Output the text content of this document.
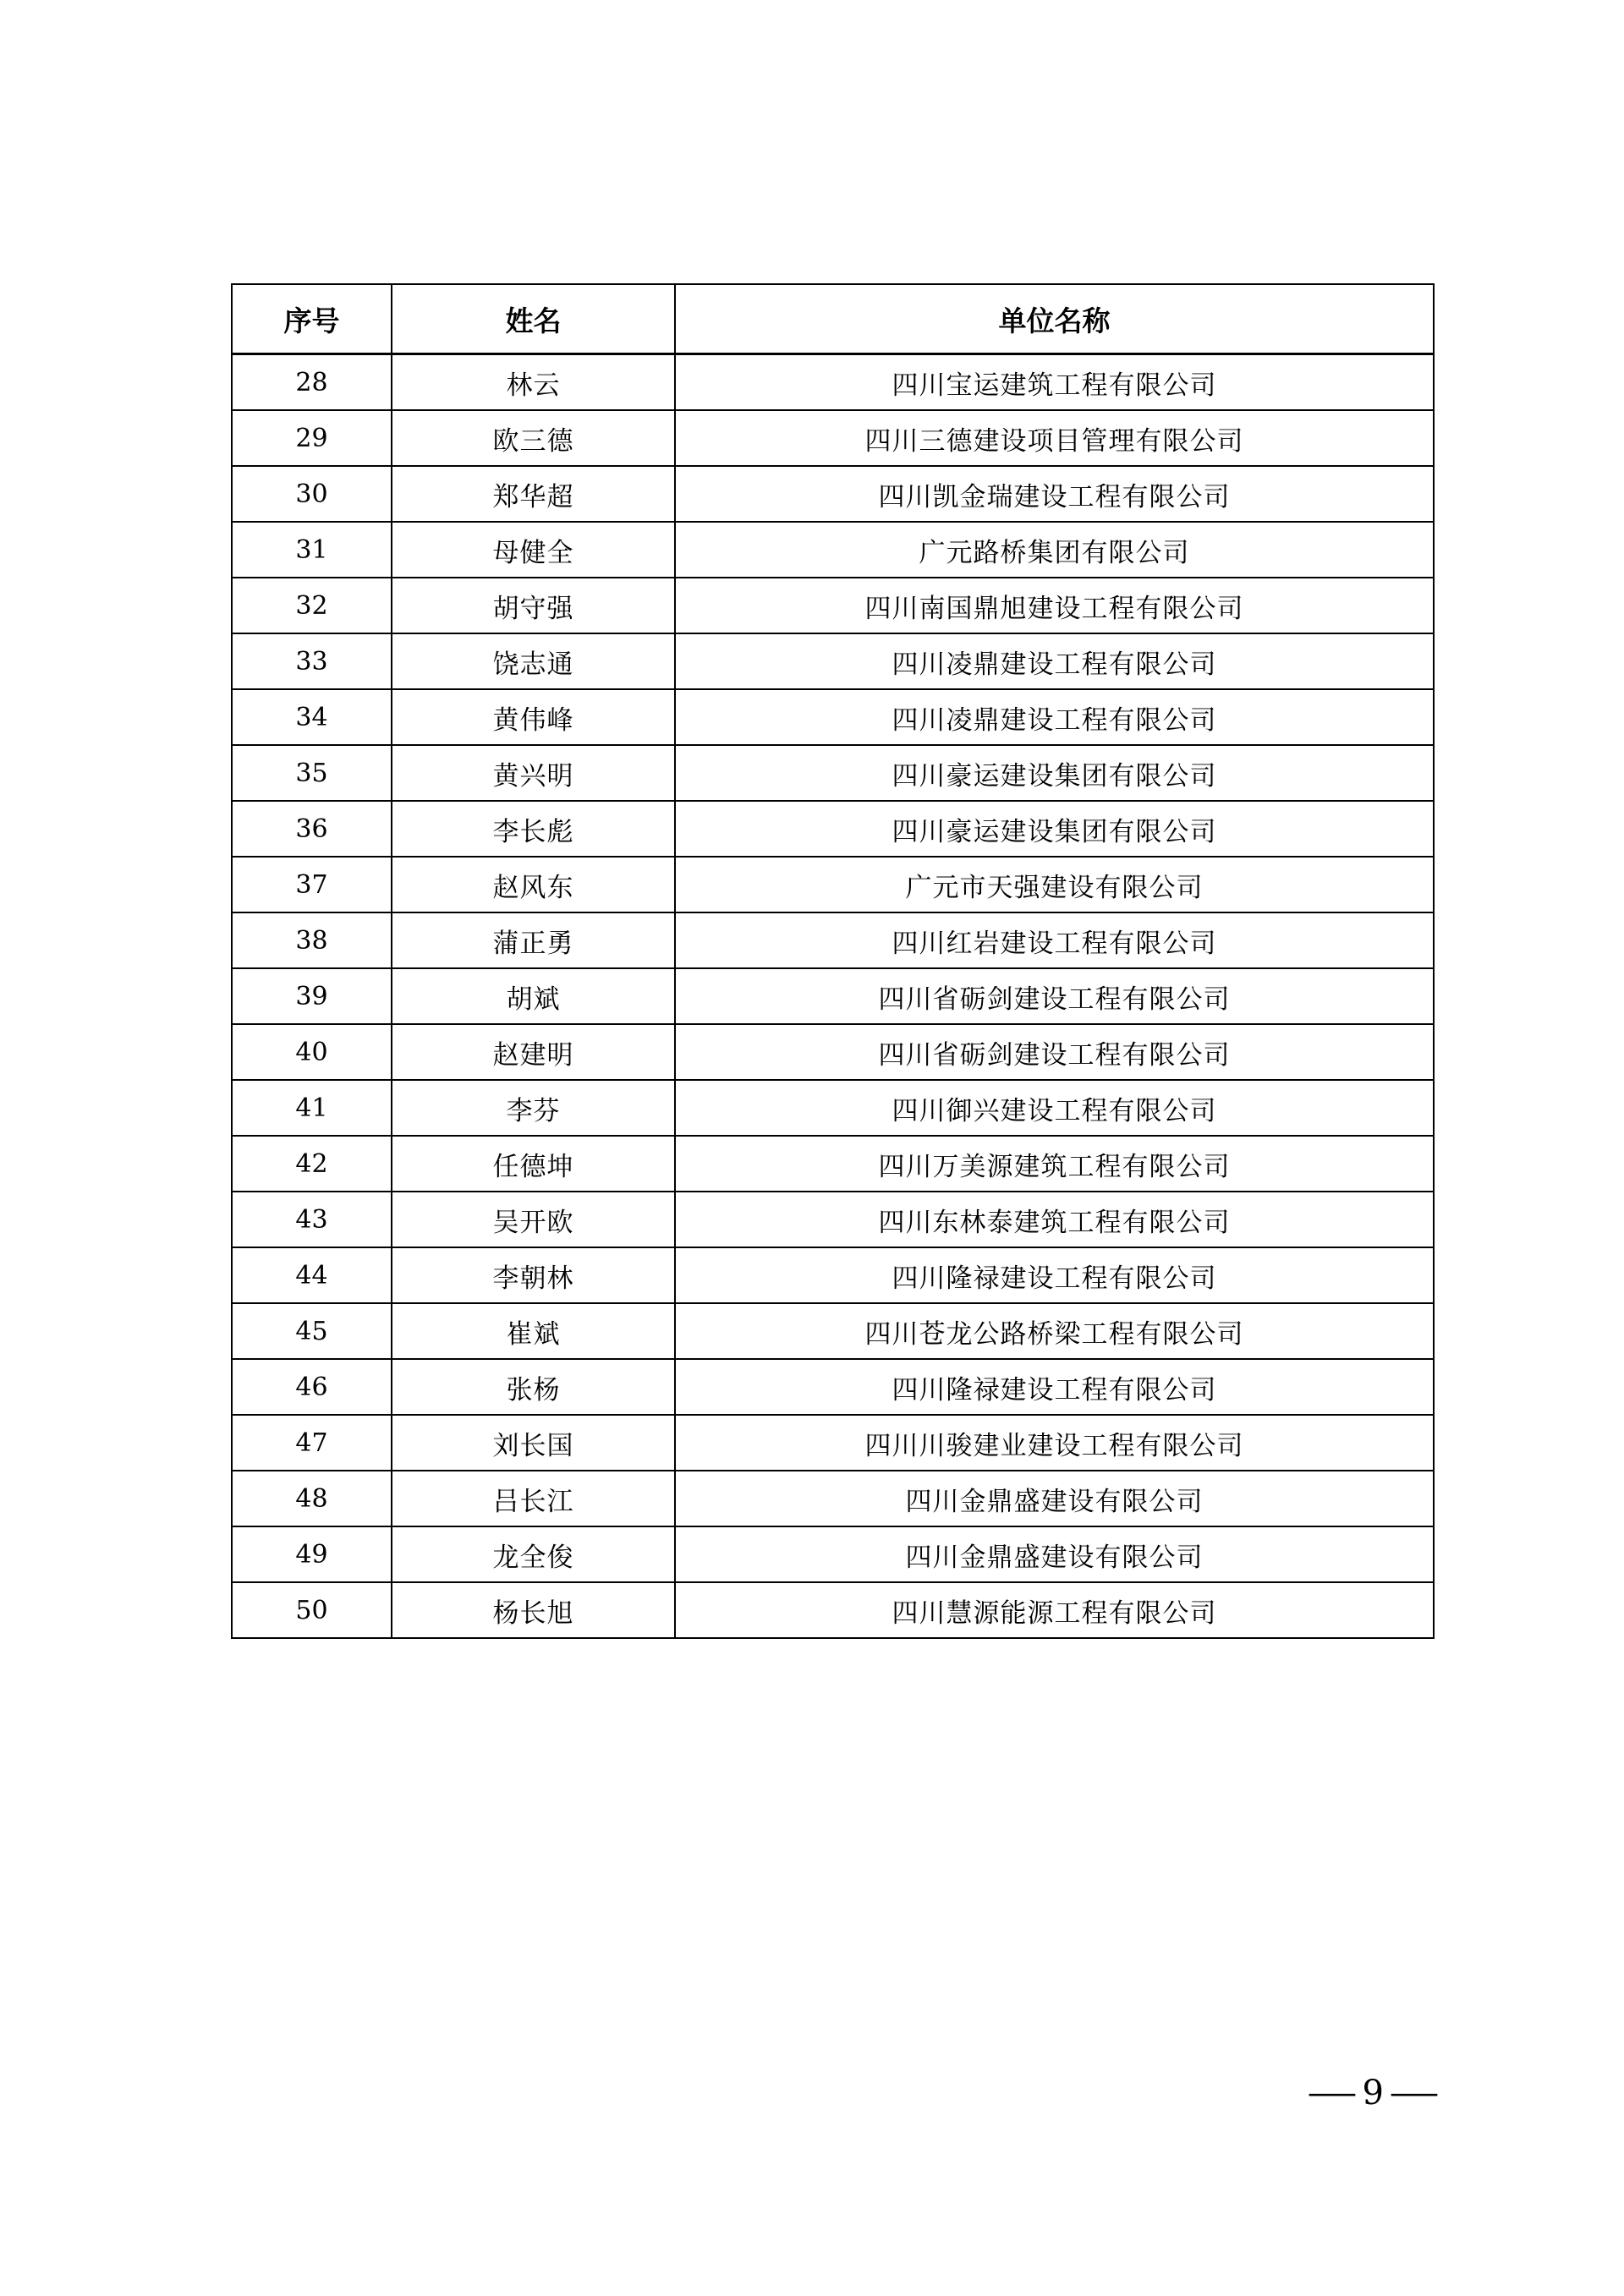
序号	姓名	单位名称
28	林云	四川宝运建筑工程有限公司
29	欧三德	四川三德建设项目管理有限公司
30	郑华超	四川凯金瑞建设工程有限公司
31	母健全	广元路桥集团有限公司
32	胡守强	四川南国鼎旭建设工程有限公司
33	饶志通	四川凌鼎建设工程有限公司
34	黄伟峰	四川凌鼎建设工程有限公司
35	黄兴明	四川豪运建设集团有限公司
36	李长彪	四川豪运建设集团有限公司
37	赵风东	广元市天强建设有限公司
38	蒲正勇	四川红岩建设工程有限公司
39	胡斌	四川省砺剑建设工程有限公司
40	赵建明	四川省砺剑建设工程有限公司
41	李芬	四川御兴建设工程有限公司
42	任德坤	四川万美源建筑工程有限公司
43	吴开欧	四川东林泰建筑工程有限公司
44	李朝林	四川隆禄建设工程有限公司
45	崔斌	四川苍龙公路桥梁工程有限公司
46	张杨	四川隆禄建设工程有限公司
47	刘长国	四川川骏建业建设工程有限公司
48	吕长江	四川金鼎盛建设有限公司
49	龙全俊	四川金鼎盛建设有限公司
50	杨长旭	四川慧源能源工程有限公司
— 9 —
